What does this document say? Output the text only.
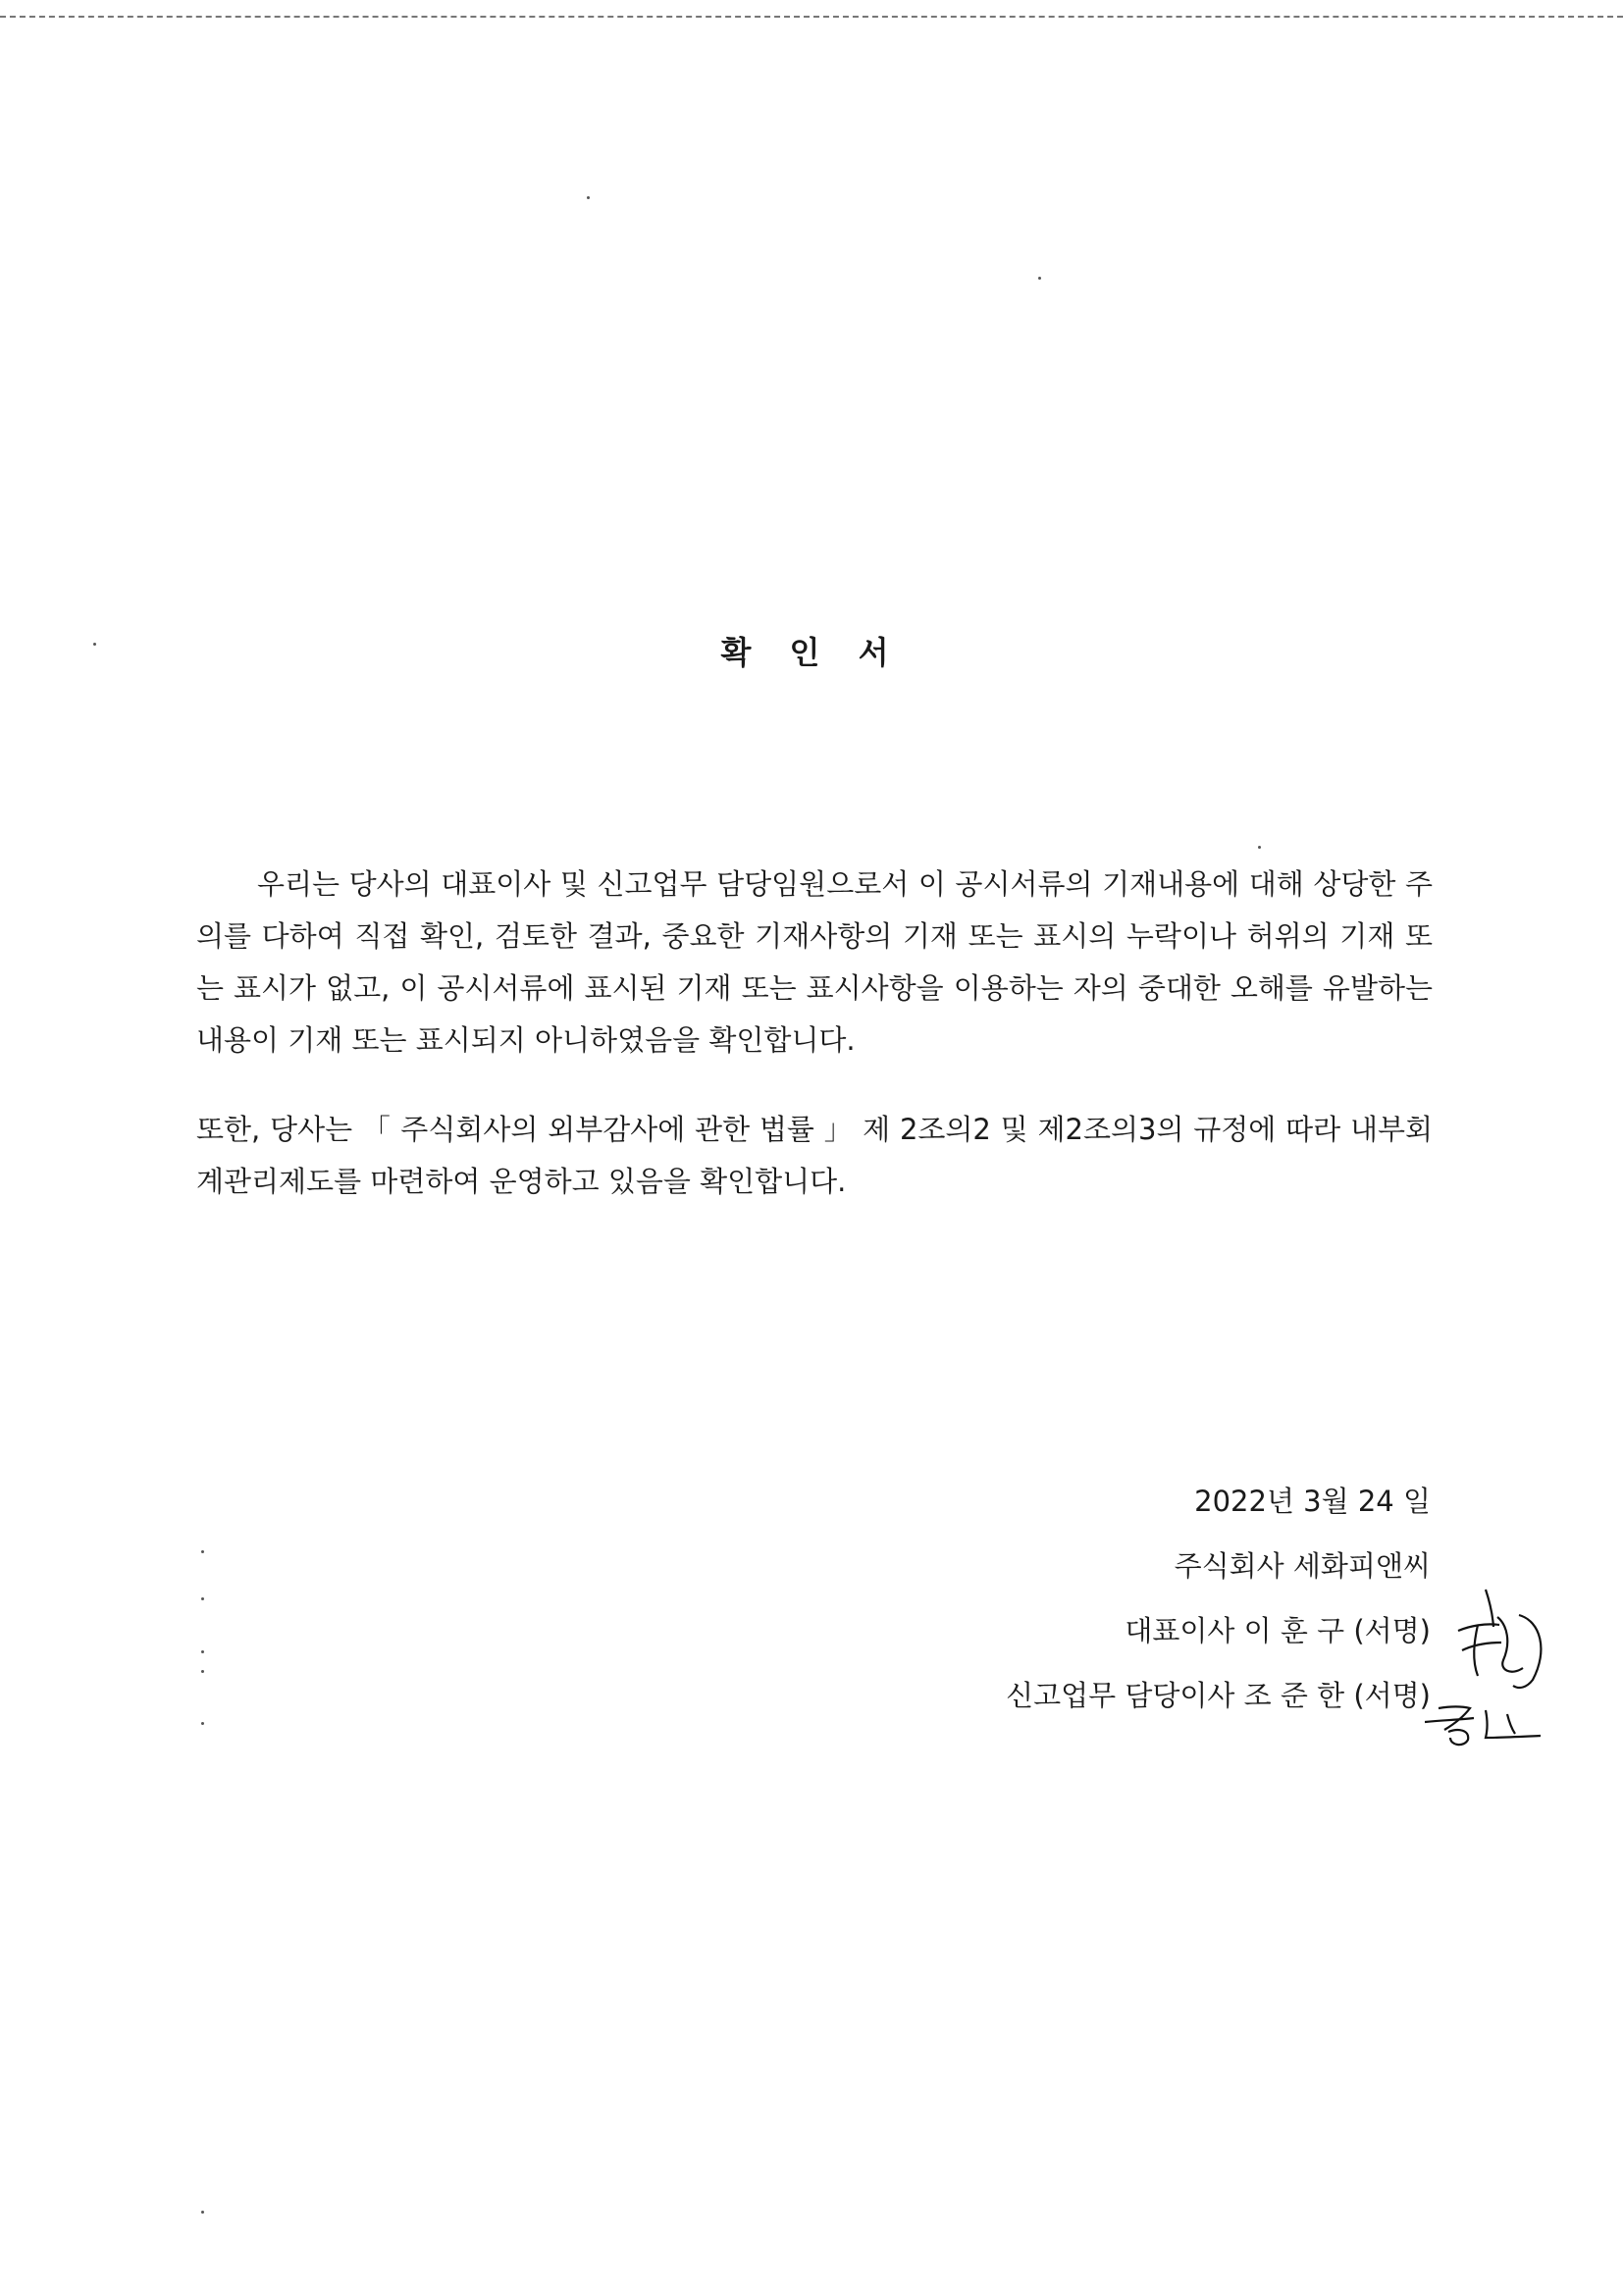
확 인 서

우리는 당사의 대표이사 및 신고업무 담당임원으로서 이 공시서류의 기재내용에 대해 상당한 주의를 다하여 직접 확인, 검토한 결과, 중요한 기재사항의 기재 또는 표시의 누락이나 허위의 기재 또는 표시가 없고, 이 공시서류에 표시된 기재 또는 표시사항을 이용하는 자의 중대한 오해를 유발하는 내용이 기재 또는 표시되지 아니하였음을 확인합니다.

또한, 당사는 「 주식회사의 외부감사에 관한 법률 」 제 2조의2 및 제2조의3의 규정에 따라 내부회계관리제도를 마련하여 운영하고 있음을 확인합니다.

2022년 3월 24 일
주식회사 세화피앤씨
대표이사 이 훈 구 (서명)
신고업무 담당이사 조 준 한 (서명)
